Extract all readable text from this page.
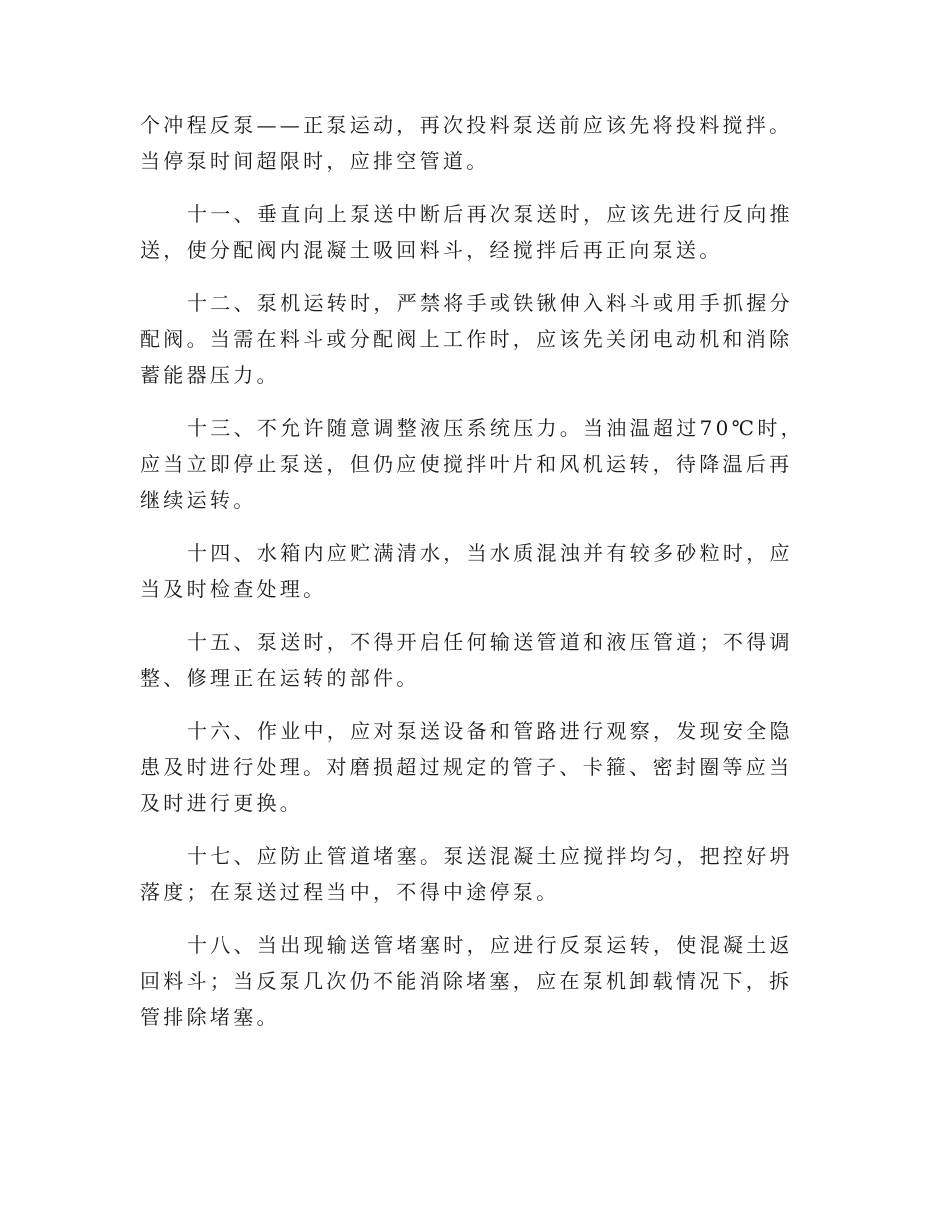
个冲程反泵——正泵运动，再次投料泵送前应该先将投料搅拌。当停泵时间超限时，应排空管道。

十一、垂直向上泵送中断后再次泵送时，应该先进行反向推送，使分配阀内混凝土吸回料斗，经搅拌后再正向泵送。

十二、泵机运转时，严禁将手或铁锹伸入料斗或用手抓握分配阀。当需在料斗或分配阀上工作时，应该先关闭电动机和消除蓄能器压力。

十三、不允许随意调整液压系统压力。当油温超过70℃时，应当立即停止泵送，但仍应使搅拌叶片和风机运转，待降温后再继续运转。

十四、水箱内应贮满清水，当水质混浊并有较多砂粒时，应当及时检查处理。

十五、泵送时，不得开启任何输送管道和液压管道；不得调整、修理正在运转的部件。

十六、作业中，应对泵送设备和管路进行观察，发现安全隐患及时进行处理。对磨损超过规定的管子、卡箍、密封圈等应当及时进行更换。

十七、应防止管道堵塞。泵送混凝土应搅拌均匀，把控好坍落度；在泵送过程当中，不得中途停泵。

十八、当出现输送管堵塞时，应进行反泵运转，使混凝土返回料斗；当反泵几次仍不能消除堵塞，应在泵机卸载情况下，拆管排除堵塞。
